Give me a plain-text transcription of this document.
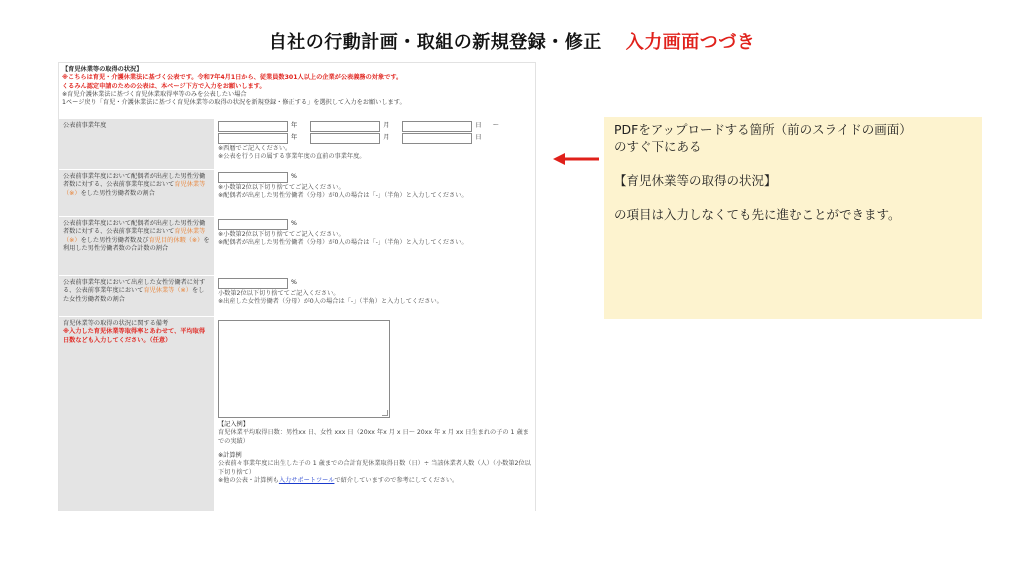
自社の行動計画・取組の新規登録・修正 入力画面つづき
【育児休業等の取得の状況】
※こちらは育児・介護休業法に基づく公表です。令和7年4月1日から、従業員数301人以上の企業が公表義務の対象です。
くるみん認定申請のための公表は、本ページ下方で入力をお願いします。
※育児介護休業法に基づく育児休業取得率等のみを公表したい場合
1ページ戻り「育児・介護休業法に基づく育児休業等の取得の状況を新規登録・修正する」を選択して入力をお願いします。
公表前事業年度	年	月	日 〜
年	月	日
※西暦でご記入ください。
※公表を行う日の属する事業年度の直前の事業年度。
公表前事業年度において配偶者が出産した男性労働者数に対する、公表前事業年度において育児休業等（※）をした男性労働者数の割合
%
※小数第2位以下切り捨ててご記入ください。
※配偶者が出産した男性労働者（分母）が0人の場合は「-」（半角）と入力してください。
公表前事業年度において配偶者が出産した男性労働者数に対する、公表前事業年度において育児休業等（※）をした男性労働者数及び育児目的休暇（※）を利用した男性労働者数の合計数の割合
%
※小数第2位以下切り捨ててご記入ください。
※配偶者が出産した男性労働者（分母）が0人の場合は「-」（半角）と入力してください。
公表前事業年度において出産した女性労働者に対する、公表前事業年度において育児休業等（※）をした女性労働者数の割合
%
小数第2位以下切り捨ててご記入ください。
※出産した女性労働者（分母）が0人の場合は「-」（半角）と入力してください。
育児休業等の取得の状況に関する備考
※入力した育児休業等取得率とあわせて、平均取得日数なども入力してください。（任意）
【記入例】
育児休業平均取得日数：男性xx 日、女性 xxx 日（20xx 年x 月 x 日〜 20xx 年 x 月 xx 日生まれの子の 1 歳までの実績）
※計算例
公表前々事業年度に出生した子の 1 歳までの合計育児休業取得日数（日）÷ 当該休業者人数（人）（小数第2位以下切り捨て）
※他の公表・計算例も入力サポートツールで紹介していますので参考にしてください。

PDFをアップロードする箇所（前のスライドの画面）

のすぐ下にある

【育児休業等の取得の状況】

の項目は入力しなくても先に進むことができます。
